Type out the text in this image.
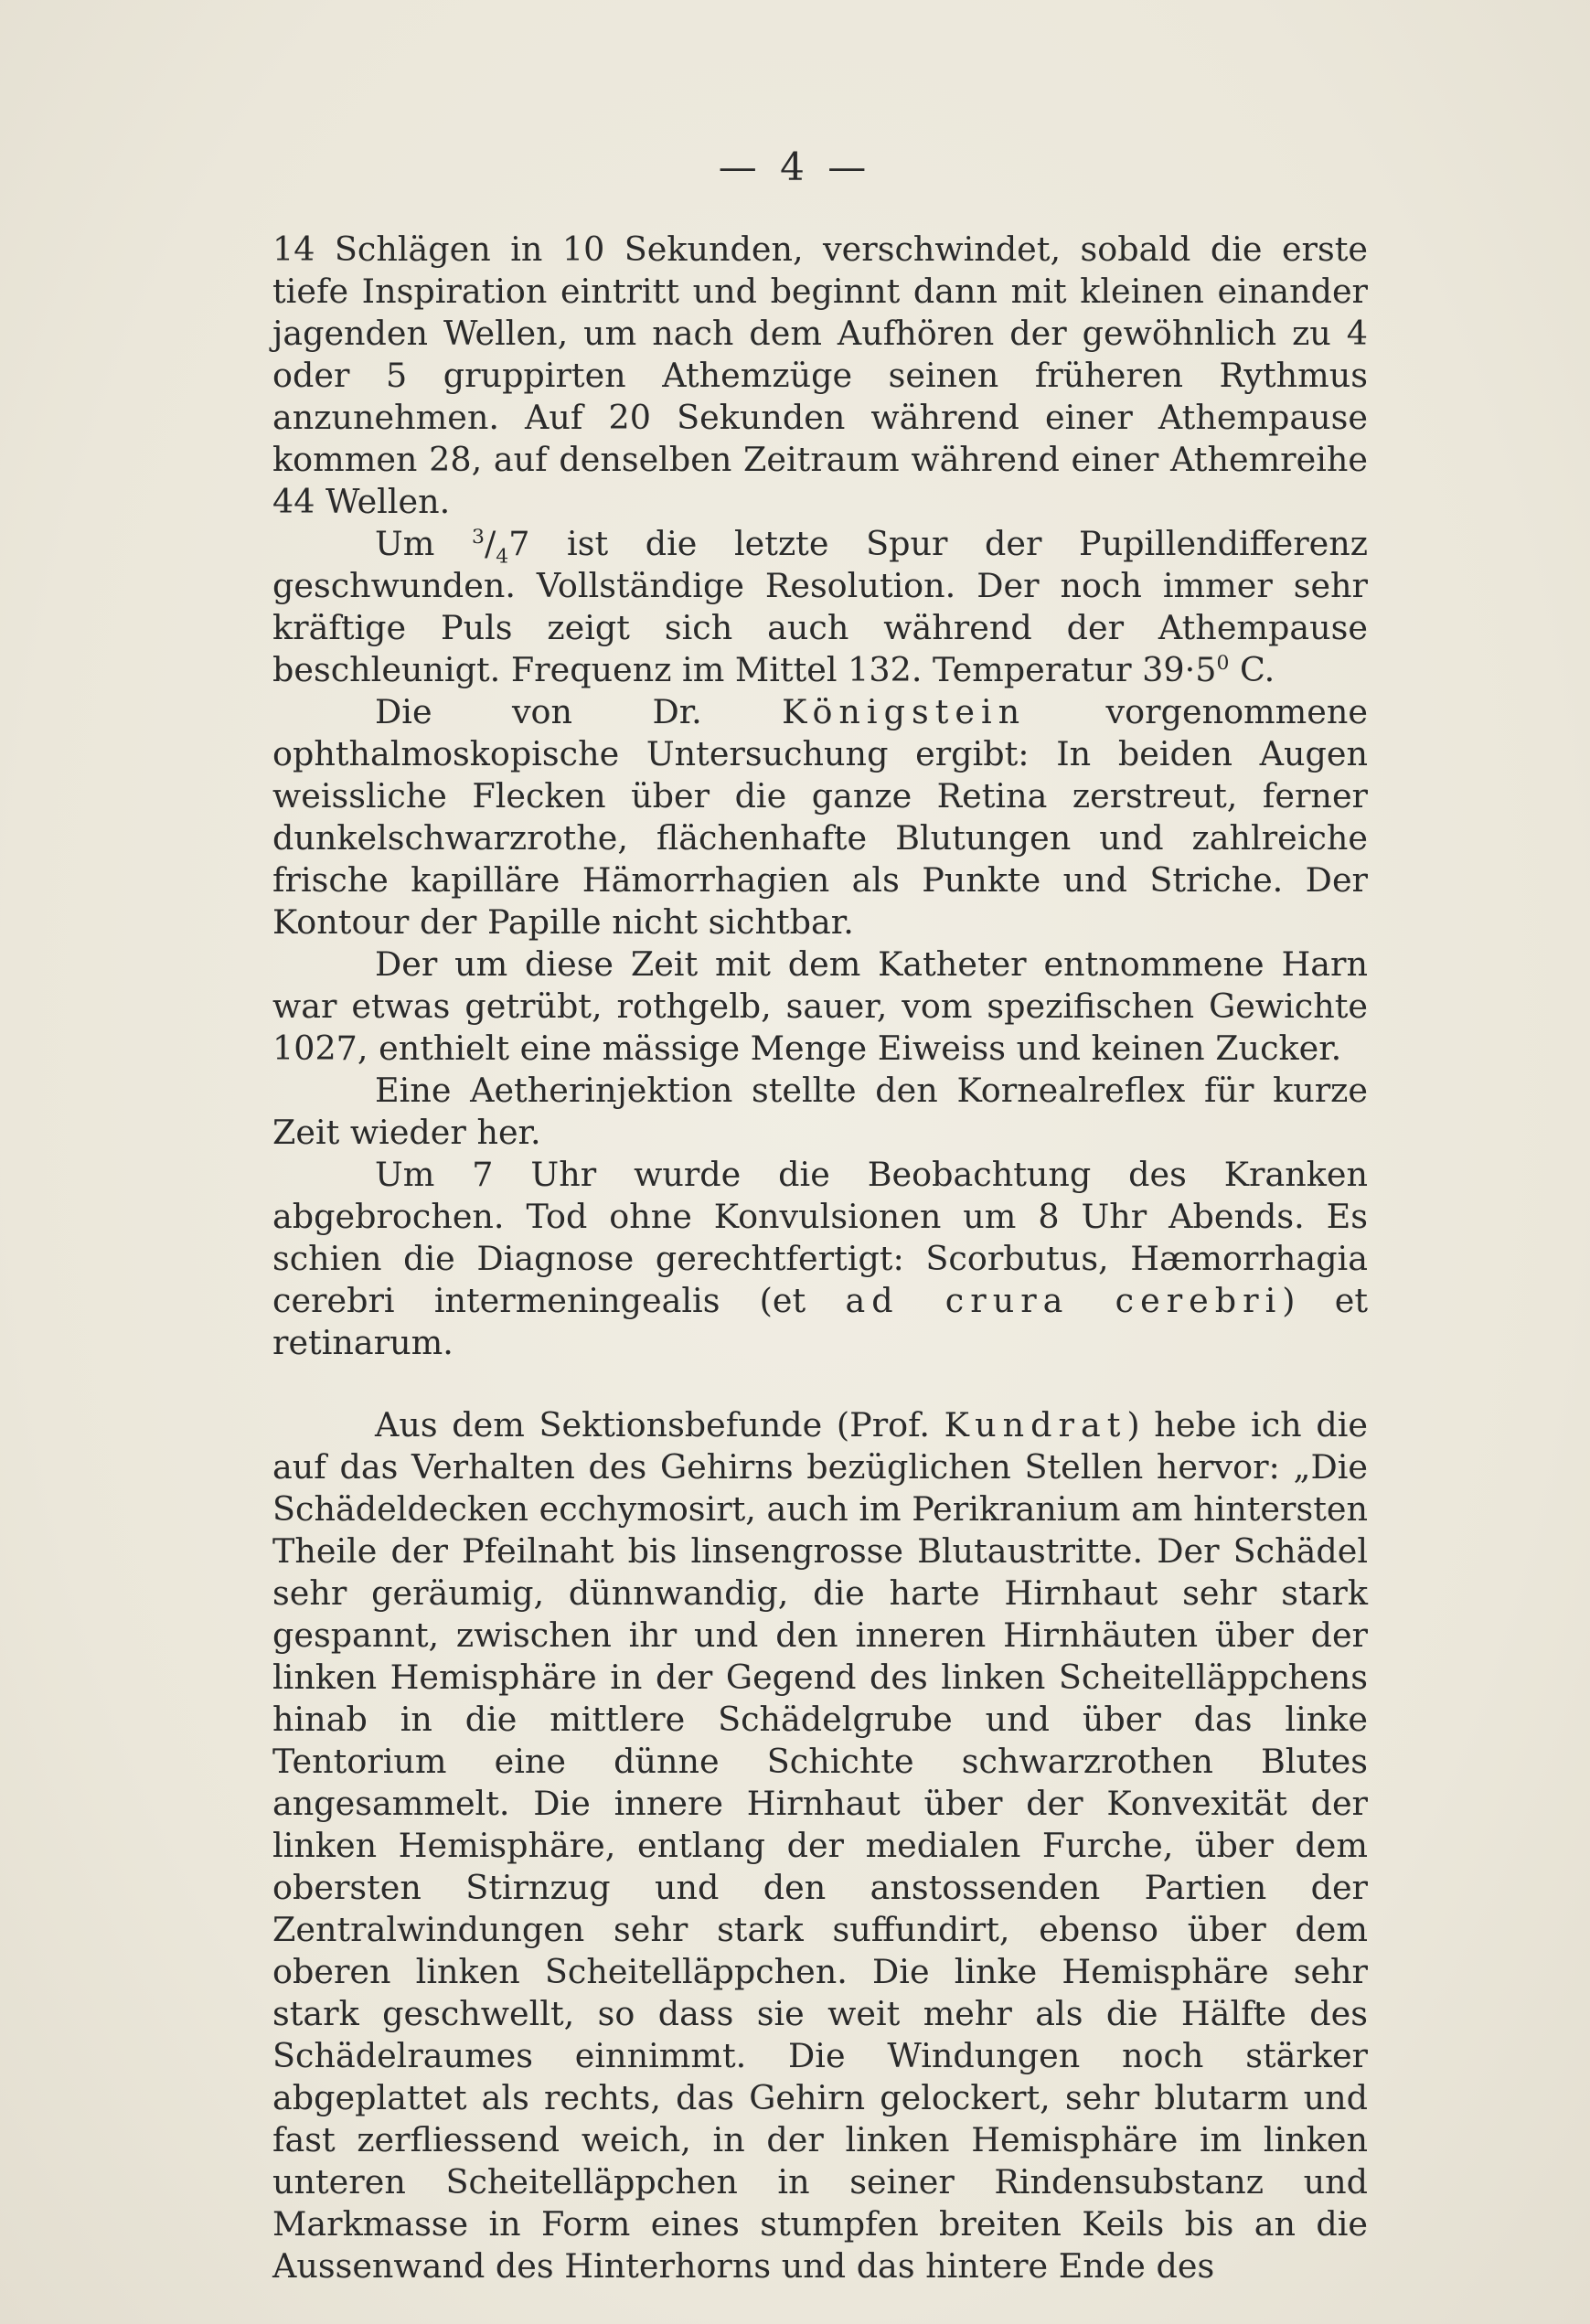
— 4 —

14 Schlägen in 10 Sekunden, verschwindet, sobald die erste tiefe Inspiration eintritt und beginnt dann mit kleinen einander jagenden Wellen, um nach dem Aufhören der gewöhnlich zu 4 oder 5 gruppirten Athemzüge seinen früheren Rythmus anzunehmen. Auf 20 Sekunden während einer Athempause kommen 28, auf denselben Zeitraum während einer Athemreihe 44 Wellen.

Um $^3/_47$ ist die letzte Spur der Pupillendifferenz geschwunden. Vollständige Resolution. Der noch immer sehr kräftige Puls zeigt sich auch während der Athempause beschleunigt. Frequenz im Mittel 132. Temperatur $39\cdot 5^0$ C.

Die von Dr. Königstein vorgenommene ophthalmoskopische Untersuchung ergibt: In beiden Augen weissliche Flecken über die ganze Retina zerstreut, ferner dunkelschwarzrothe, flächenhafte Blutungen und zahlreiche frische kapilläre Hämorrhagien als Punkte und Striche. Der Kontour der Papille nicht sichtbar.

Der um diese Zeit mit dem Katheter entnommene Harn war etwas getrübt, rothgelb, sauer, vom spezifischen Gewichte 1027, enthielt eine mässige Menge Eiweiss und keinen Zucker.

Eine Aetherinjektion stellte den Kornealreflex für kurze Zeit wieder her.

Um 7 Uhr wurde die Beobachtung des Kranken abgebrochen. Tod ohne Konvulsionen um 8 Uhr Abends. Es schien die Diagnose gerechtfertigt: Scorbutus, Hæmorrhagia cerebri intermeningealis (et ad crura cerebri) et retinarum.

Aus dem Sektionsbefunde (Prof. Kundrat) hebe ich die auf das Verhalten des Gehirns bezüglichen Stellen hervor: „Die Schädeldecken ecchymosirt, auch im Perikranium am hintersten Theile der Pfeilnaht bis linsengrosse Blutaustritte. Der Schädel sehr geräumig, dünnwandig, die harte Hirnhaut sehr stark gespannt, zwischen ihr und den inneren Hirnhäuten über der linken Hemisphäre in der Gegend des linken Scheitelläppchens hinab in die mittlere Schädelgrube und über das linke Tentorium eine dünne Schichte schwarzrothen Blutes angesammelt. Die innere Hirnhaut über der Konvexität der linken Hemisphäre, entlang der medialen Furche, über dem obersten Stirnzug und den anstossenden Partien der Zentralwindungen sehr stark suffundirt, ebenso über dem oberen linken Scheitelläppchen. Die linke Hemisphäre sehr stark geschwellt, so dass sie weit mehr als die Hälfte des Schädelraumes einnimmt. Die Windungen noch stärker abgeplattet als rechts, das Gehirn gelockert, sehr blutarm und fast zerfliessend weich, in der linken Hemisphäre im linken unteren Scheitelläppchen in seiner Rindensubstanz und Markmasse in Form eines stumpfen breiten Keils bis an die Aussenwand des Hinterhorns und das hintere Ende des
